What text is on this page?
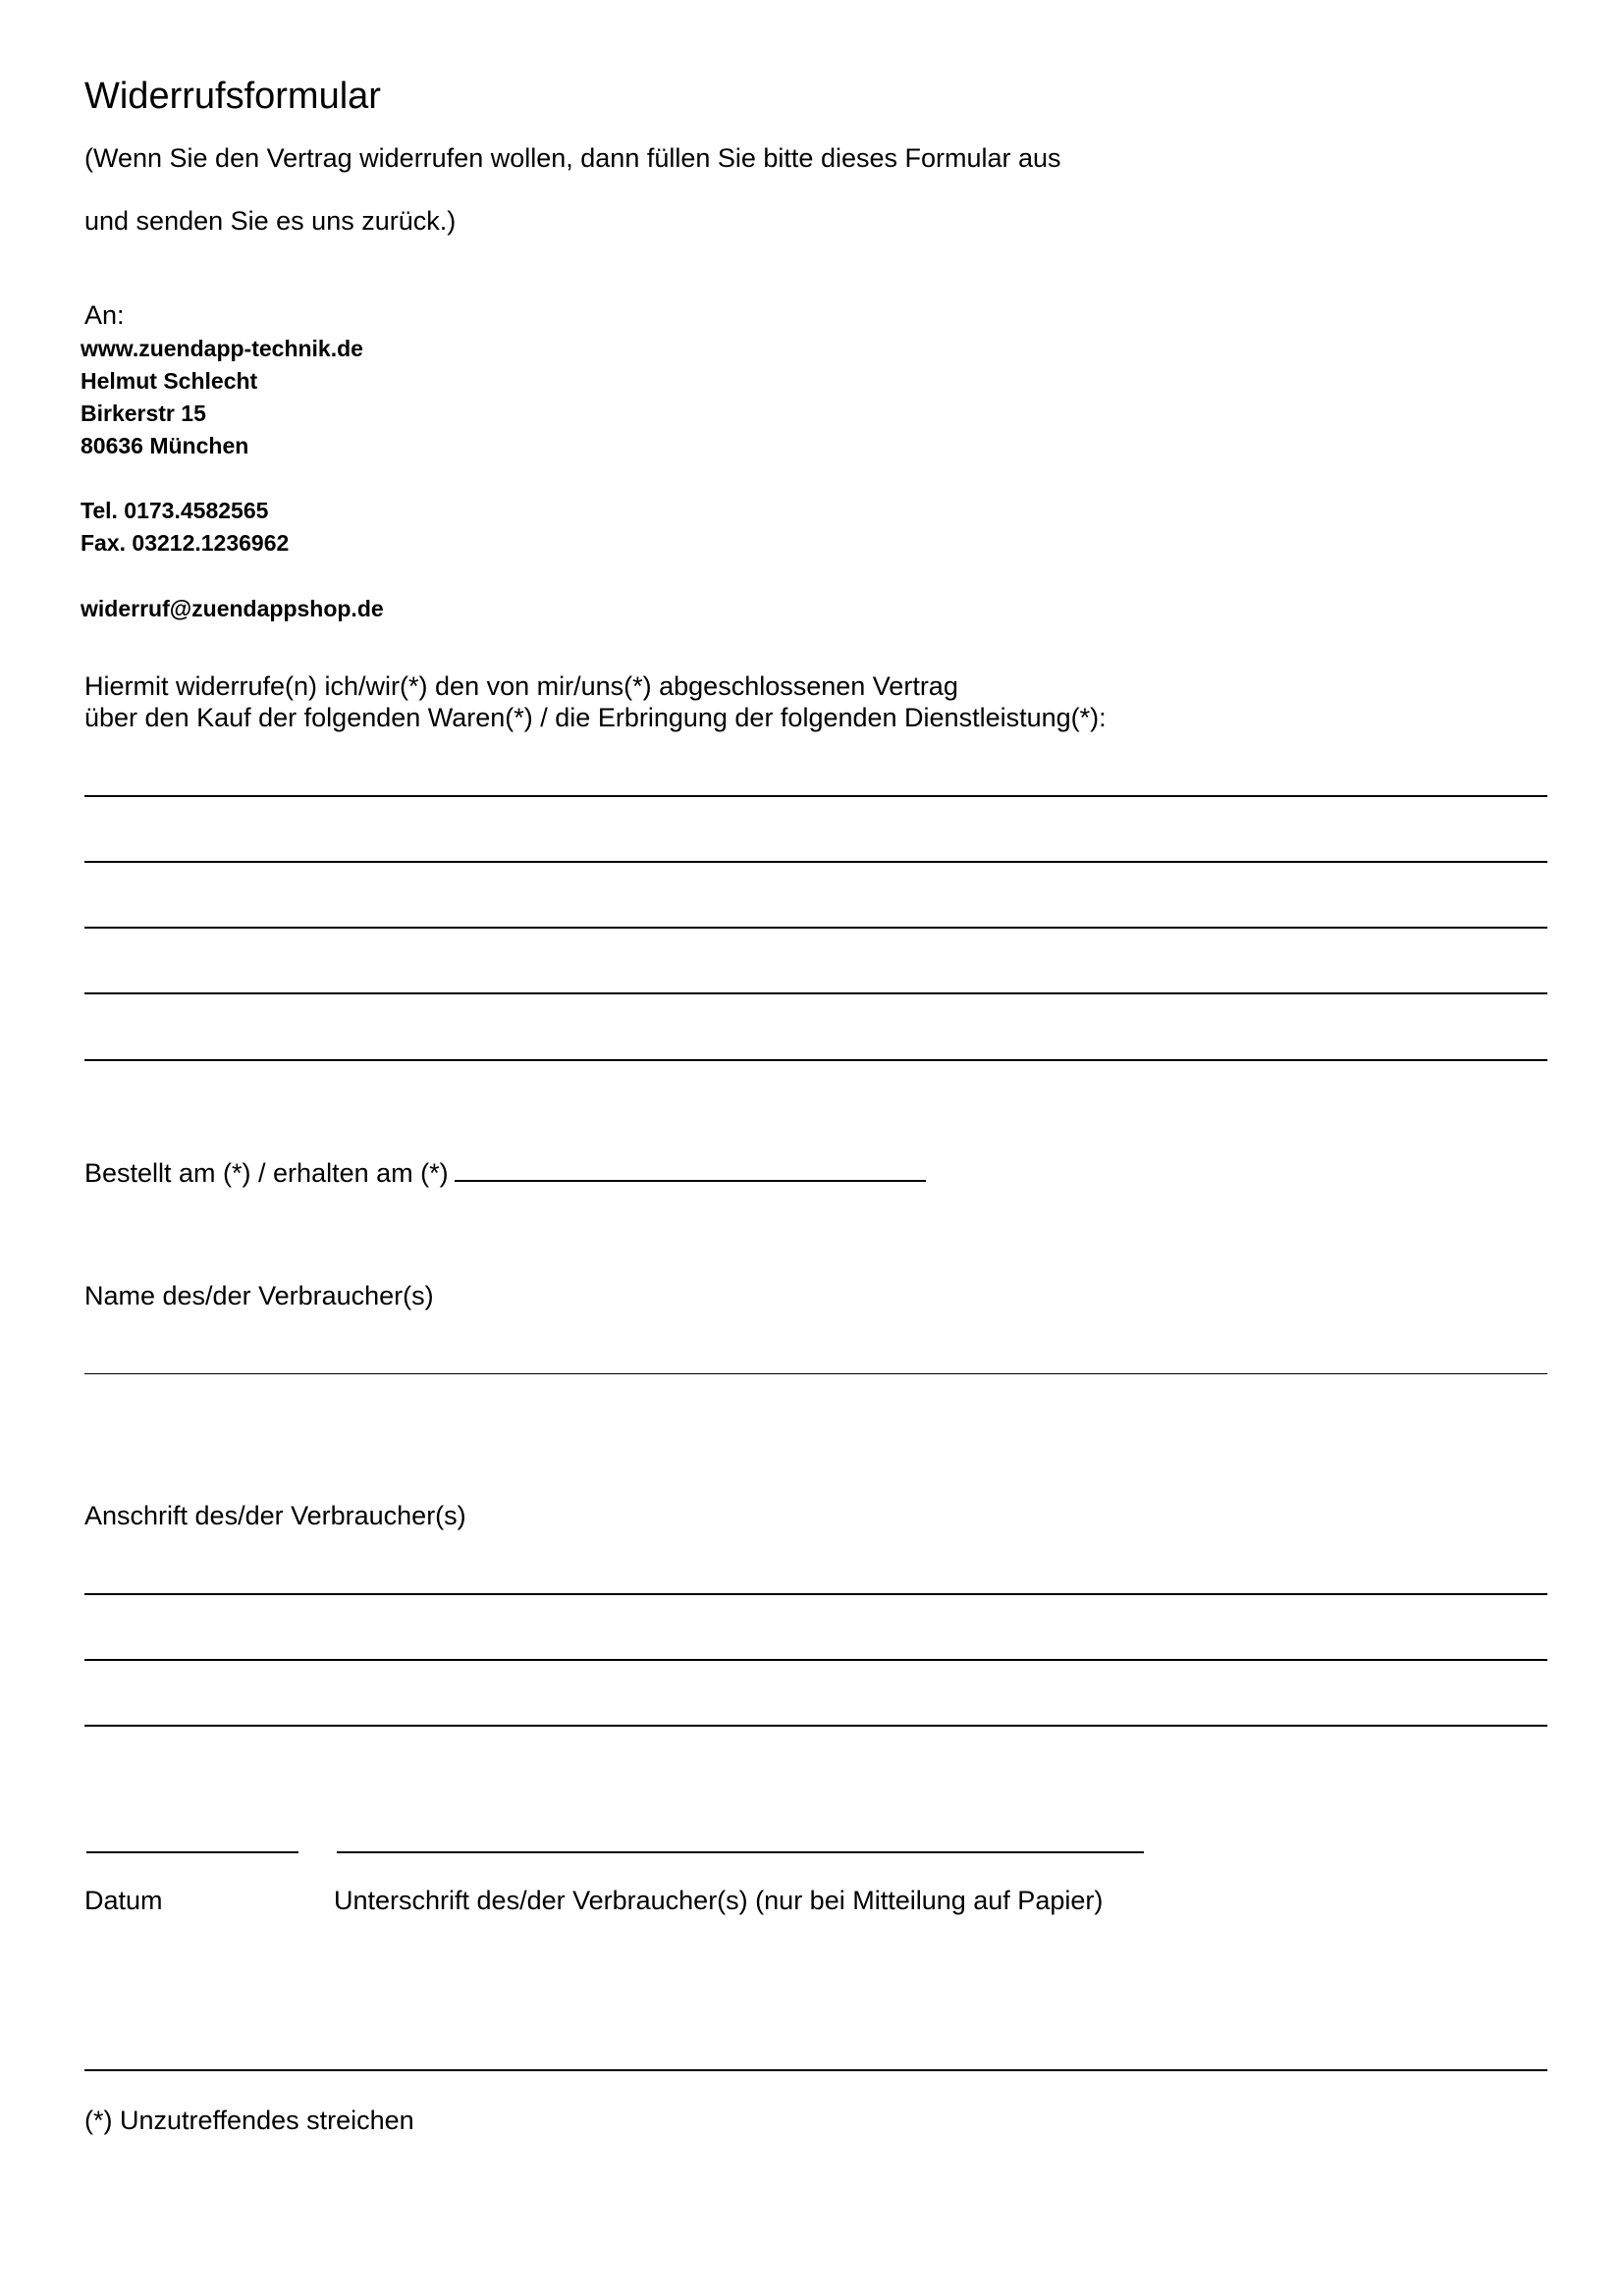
Widerrufsformular
(Wenn Sie den Vertrag widerrufen wollen, dann füllen Sie bitte dieses Formular aus
und senden Sie es uns zurück.)
An:
www.zuendapp-technik.de
Helmut Schlecht
Birkerstr 15
80636 München
Tel. 0173.4582565
Fax. 03212.1236962
widerruf@zuendappshop.de
Hiermit widerrufe(n) ich/wir(*) den von mir/uns(*) abgeschlossenen Vertrag
über den Kauf der folgenden Waren(*) / die Erbringung der folgenden Dienstleistung(*):
Bestellt am (*) / erhalten am (*)
Name des/der Verbraucher(s)
Anschrift des/der Verbraucher(s)
Datum	Unterschrift des/der Verbraucher(s) (nur bei Mitteilung auf Papier)
(*) Unzutreffendes streichen
